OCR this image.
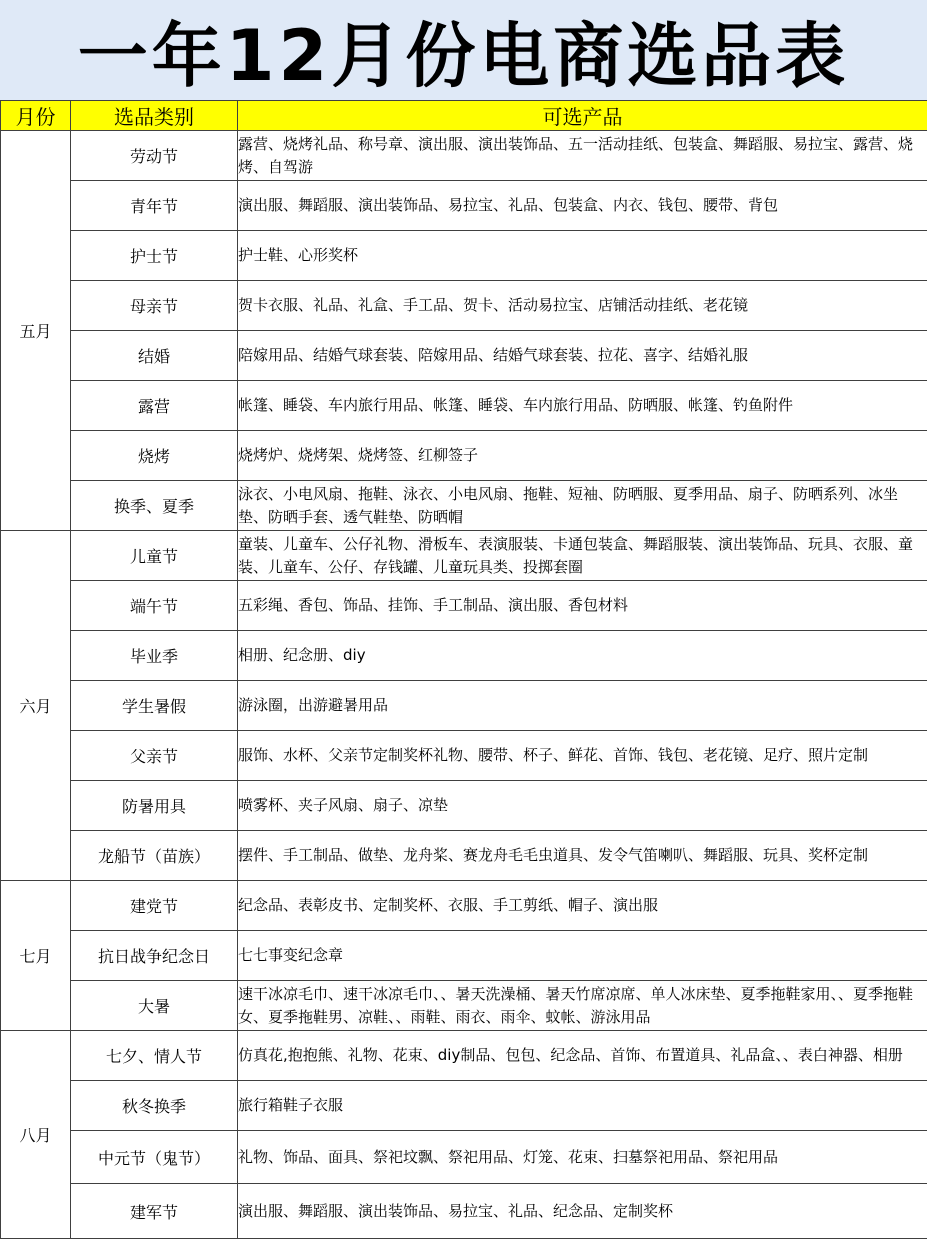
一年12月份电商选品表
月份	选品类别	可选产品
五月	劳动节	露营、烧烤礼品、称号章、演出服、演出装饰品、五一活动挂纸、包装盒、舞蹈服、易拉宝、露营、烧烤、自驾游
	青年节	演出服、舞蹈服、演出装饰品、易拉宝、礼品、包装盒、内衣、钱包、腰带、背包
	护士节	护士鞋、心形奖杯
	母亲节	贺卡衣服、礼品、礼盒、手工品、贺卡、活动易拉宝、店铺活动挂纸、老花镜
	结婚	陪嫁用品、结婚气球套装、陪嫁用品、结婚气球套装、拉花、喜字、结婚礼服
	露营	帐篷、睡袋、车内旅行用品、帐篷、睡袋、车内旅行用品、防晒服、帐篷、钓鱼附件
	烧烤	烧烤炉、烧烤架、烧烤签、红柳签子
	换季、夏季	泳衣、小电风扇、拖鞋、泳衣、小电风扇、拖鞋、短袖、防晒服、夏季用品、扇子、防晒系列、冰坐垫、防晒手套、透气鞋垫、防晒帽
六月	儿童节	童装、儿童车、公仔礼物、滑板车、表演服装、卡通包装盒、舞蹈服装、演出装饰品、玩具、衣服、童装、儿童车、公仔、存钱罐、儿童玩具类、投掷套圈
	端午节	五彩绳、香包、饰品、挂饰、手工制品、演出服、香包材料
	毕业季	相册、纪念册、diy
	学生暑假	游泳圈，出游避暑用品
	父亲节	服饰、水杯、父亲节定制奖杯礼物、腰带、杯子、鲜花、首饰、钱包、老花镜、足疗、照片定制
	防暑用具	喷雾杯、夹子风扇、扇子、凉垫
	龙船节（苗族）	摆件、手工制品、做垫、龙舟桨、赛龙舟毛毛虫道具、发令气笛喇叭、舞蹈服、玩具、奖杯定制
七月	建党节	纪念品、表彰皮书、定制奖杯、衣服、手工剪纸、帽子、演出服
	抗日战争纪念日	七七事变纪念章
	大暑	速干冰凉毛巾、速干冰凉毛巾、、暑天洗澡桶、暑天竹席凉席、单人冰床垫、夏季拖鞋家用、、夏季拖鞋女、夏季拖鞋男、凉鞋、、雨鞋、雨衣、雨伞、蚊帐、游泳用品
八月	七夕、情人节	仿真花,抱抱熊、礼物、花束、diy制品、包包、纪念品、首饰、布置道具、礼品盒、、表白神器、相册
	秋冬换季	旅行箱鞋子衣服
	中元节（鬼节）	礼物、饰品、面具、祭祀坟飘、祭祀用品、灯笼、花束、扫墓祭祀用品、祭祀用品
	建军节	演出服、舞蹈服、演出装饰品、易拉宝、礼品、纪念品、定制奖杯
